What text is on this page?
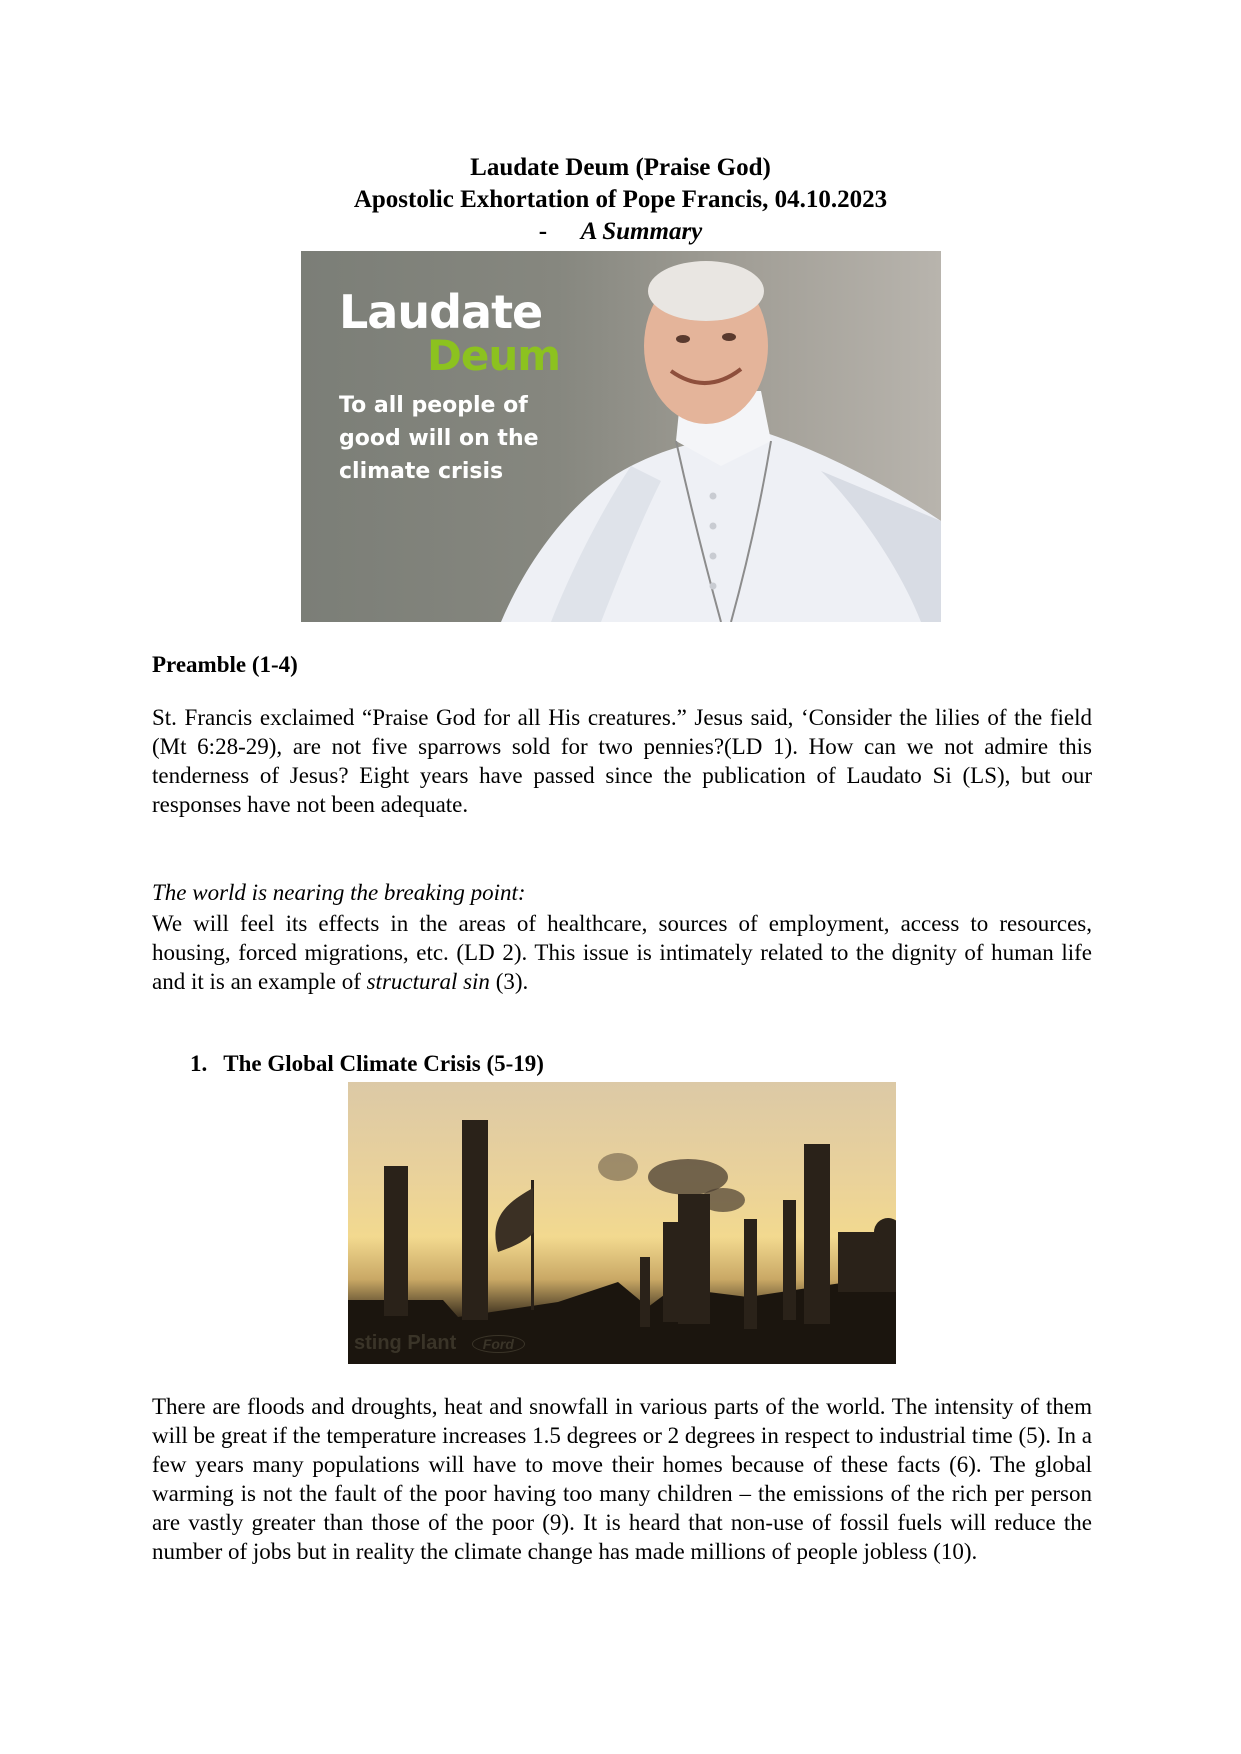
Laudate Deum (Praise God)
Apostolic Exhortation of Pope Francis, 04.10.2023
- A Summary
Laudate
Deum
To all people of good will on the climate crisis
Preamble (1-4)
St. Francis exclaimed “Praise God for all His creatures.” Jesus said, ‘Consider the lilies of the field (Mt 6:28-29), are not five sparrows sold for two pennies?(LD 1). How can we not admire this tenderness of Jesus? Eight years have passed since the publication of Laudato Si (LS), but our responses have not been adequate.
The world is nearing the breaking point:
We will feel its effects in the areas of healthcare, sources of employment, access to resources, housing, forced migrations, etc. (LD 2). This issue is intimately related to the dignity of human life and it is an example of structural sin (3).
1. The Global Climate Crisis (5-19)
sting Plant Ford
There are floods and droughts, heat and snowfall in various parts of the world. The intensity of them will be great if the temperature increases 1.5 degrees or 2 degrees in respect to industrial time (5). In a few years many populations will have to move their homes because of these facts (6). The global warming is not the fault of the poor having too many children – the emissions of the rich per person are vastly greater than those of the poor (9). It is heard that non-use of fossil fuels will reduce the number of jobs but in reality the climate change has made millions of people jobless (10).
